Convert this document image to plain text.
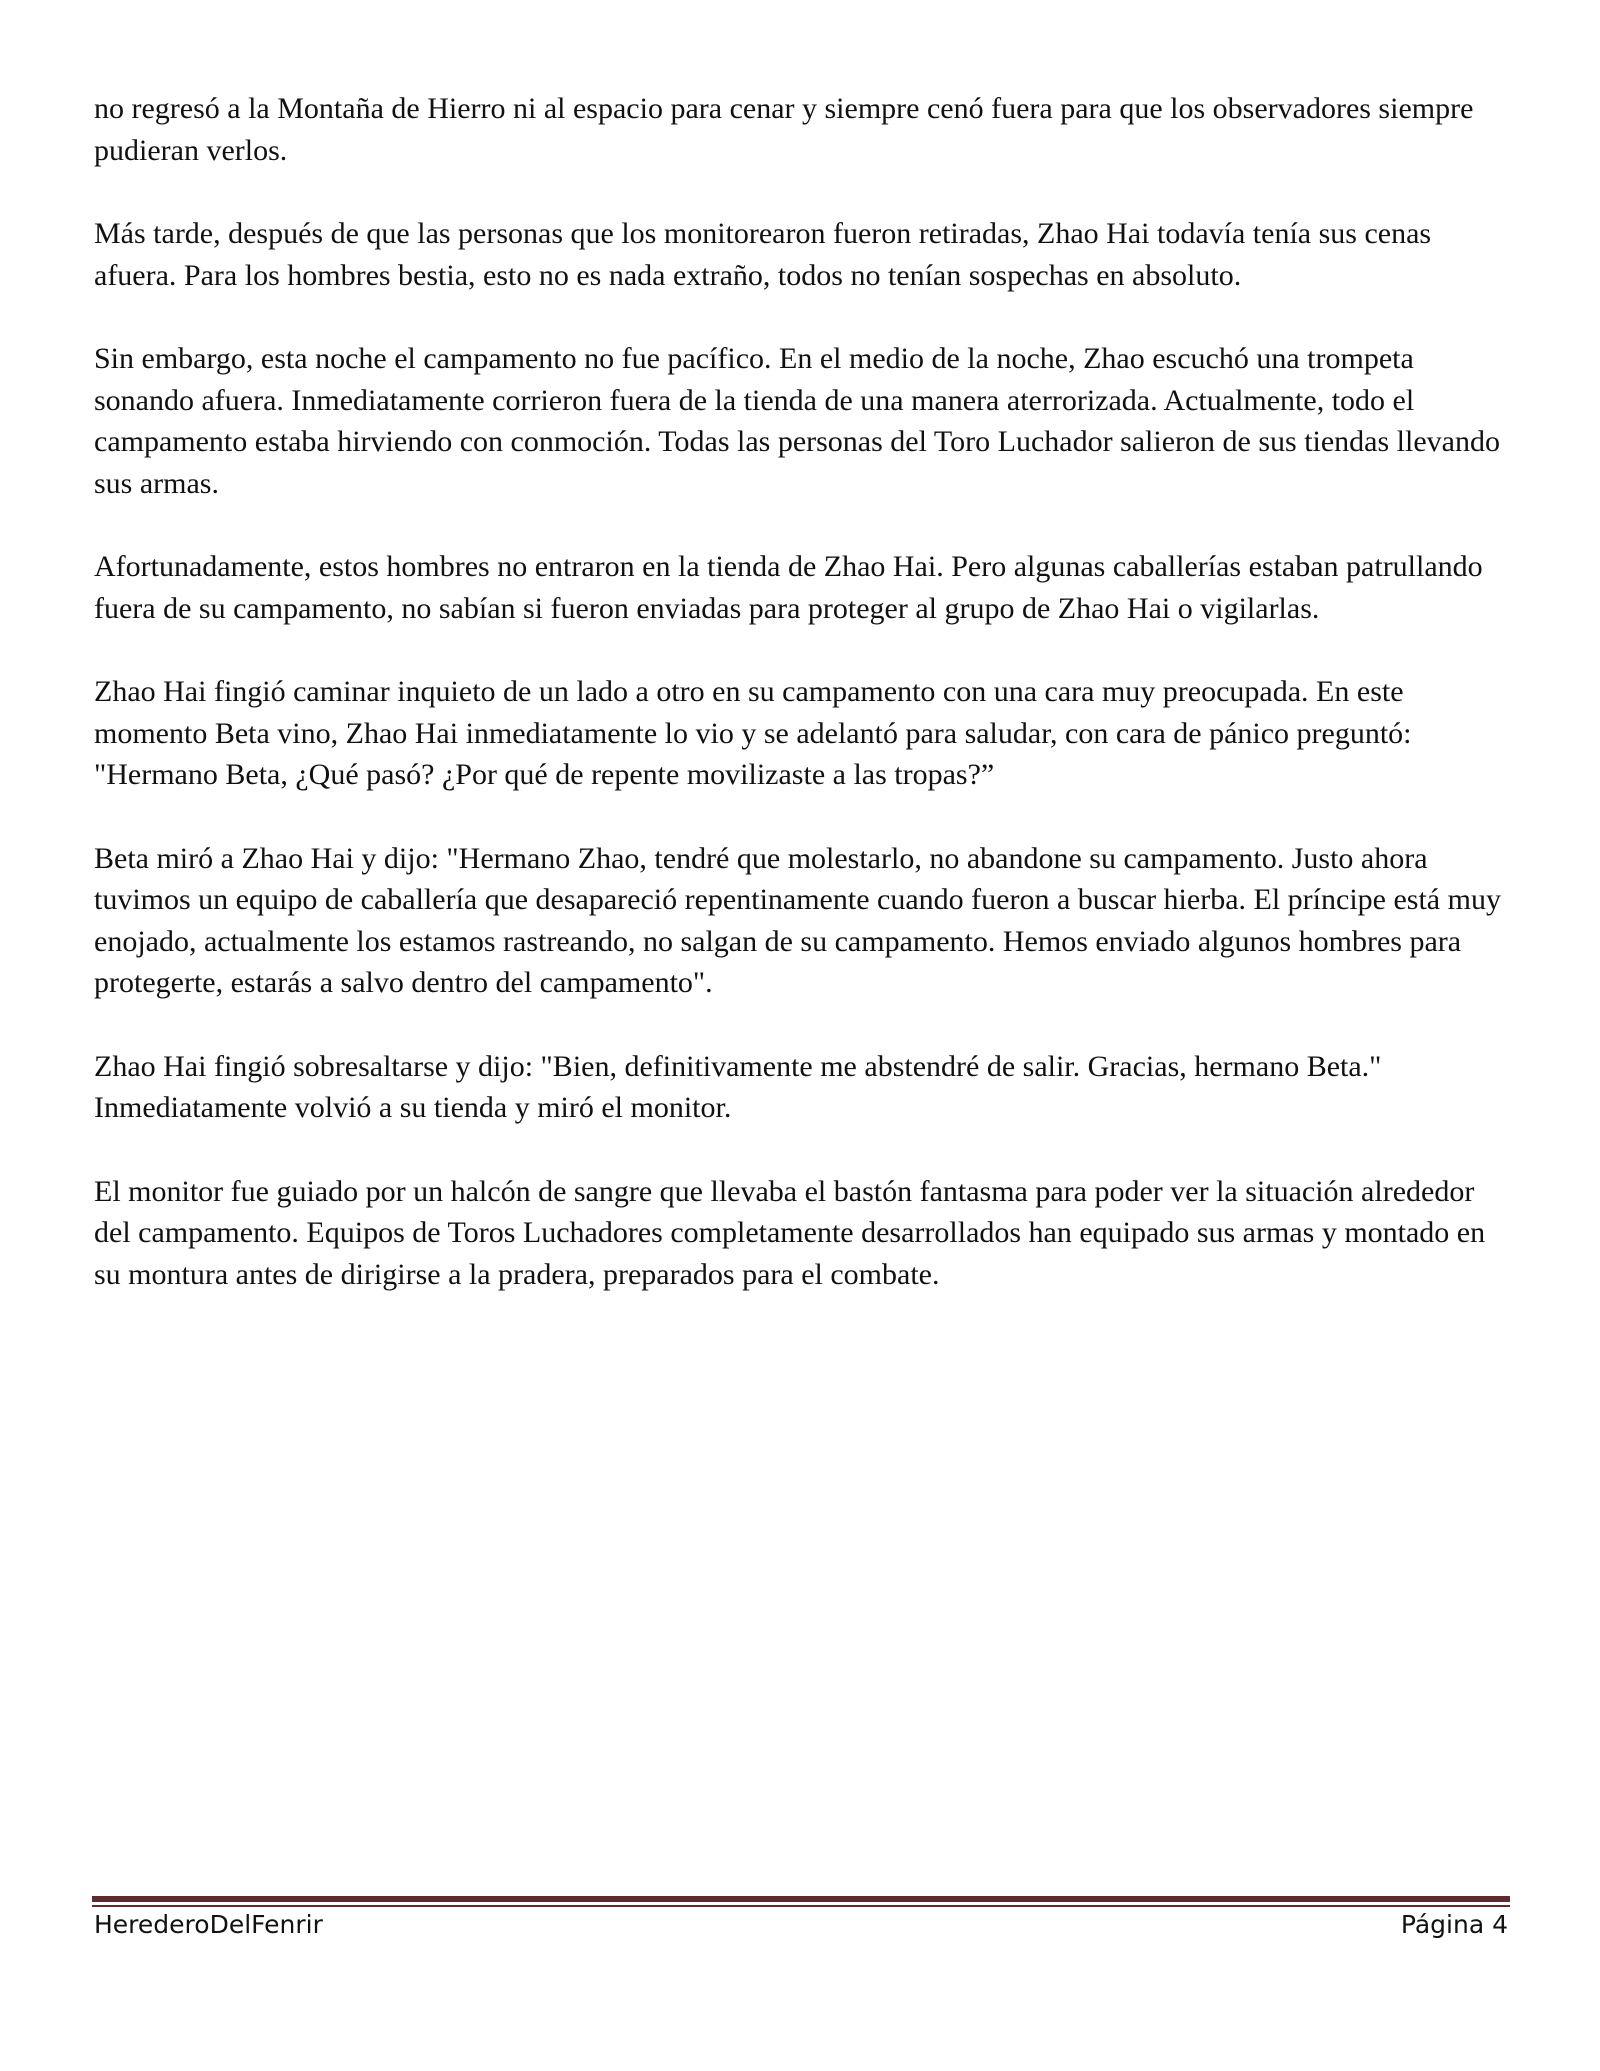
no regresó a la Montaña de Hierro ni al espacio para cenar y siempre cenó fuera para que los observadores siempre pudieran verlos.

Más tarde, después de que las personas que los monitorearon fueron retiradas, Zhao Hai todavía tenía sus cenas afuera. Para los hombres bestia, esto no es nada extraño, todos no tenían sospechas en absoluto.

Sin embargo, esta noche el campamento no fue pacífico. En el medio de la noche, Zhao escuchó una trompeta sonando afuera. Inmediatamente corrieron fuera de la tienda de una manera aterrorizada. Actualmente, todo el campamento estaba hirviendo con conmoción. Todas las personas del Toro Luchador salieron de sus tiendas llevando sus armas.

Afortunadamente, estos hombres no entraron en la tienda de Zhao Hai. Pero algunas caballerías estaban patrullando fuera de su campamento, no sabían si fueron enviadas para proteger al grupo de Zhao Hai o vigilarlas.

Zhao Hai fingió caminar inquieto de un lado a otro en su campamento con una cara muy preocupada. En este momento Beta vino, Zhao Hai inmediatamente lo vio y se adelantó para saludar, con cara de pánico preguntó: "Hermano Beta, ¿Qué pasó? ¿Por qué de repente movilizaste a las tropas?”

Beta miró a Zhao Hai y dijo: "Hermano Zhao, tendré que molestarlo, no abandone su campamento. Justo ahora tuvimos un equipo de caballería que desapareció repentinamente cuando fueron a buscar hierba. El príncipe está muy enojado, actualmente los estamos rastreando, no salgan de su campamento. Hemos enviado algunos hombres para protegerte, estarás a salvo dentro del campamento".

Zhao Hai fingió sobresaltarse y dijo: "Bien, definitivamente me abstendré de salir. Gracias, hermano Beta." Inmediatamente volvió a su tienda y miró el monitor.

El monitor fue guiado por un halcón de sangre que llevaba el bastón fantasma para poder ver la situación alrededor del campamento. Equipos de Toros Luchadores completamente desarrollados han equipado sus armas y montado en su montura antes de dirigirse a la pradera, preparados para el combate.

HerederoDelFenrir	Página 4
